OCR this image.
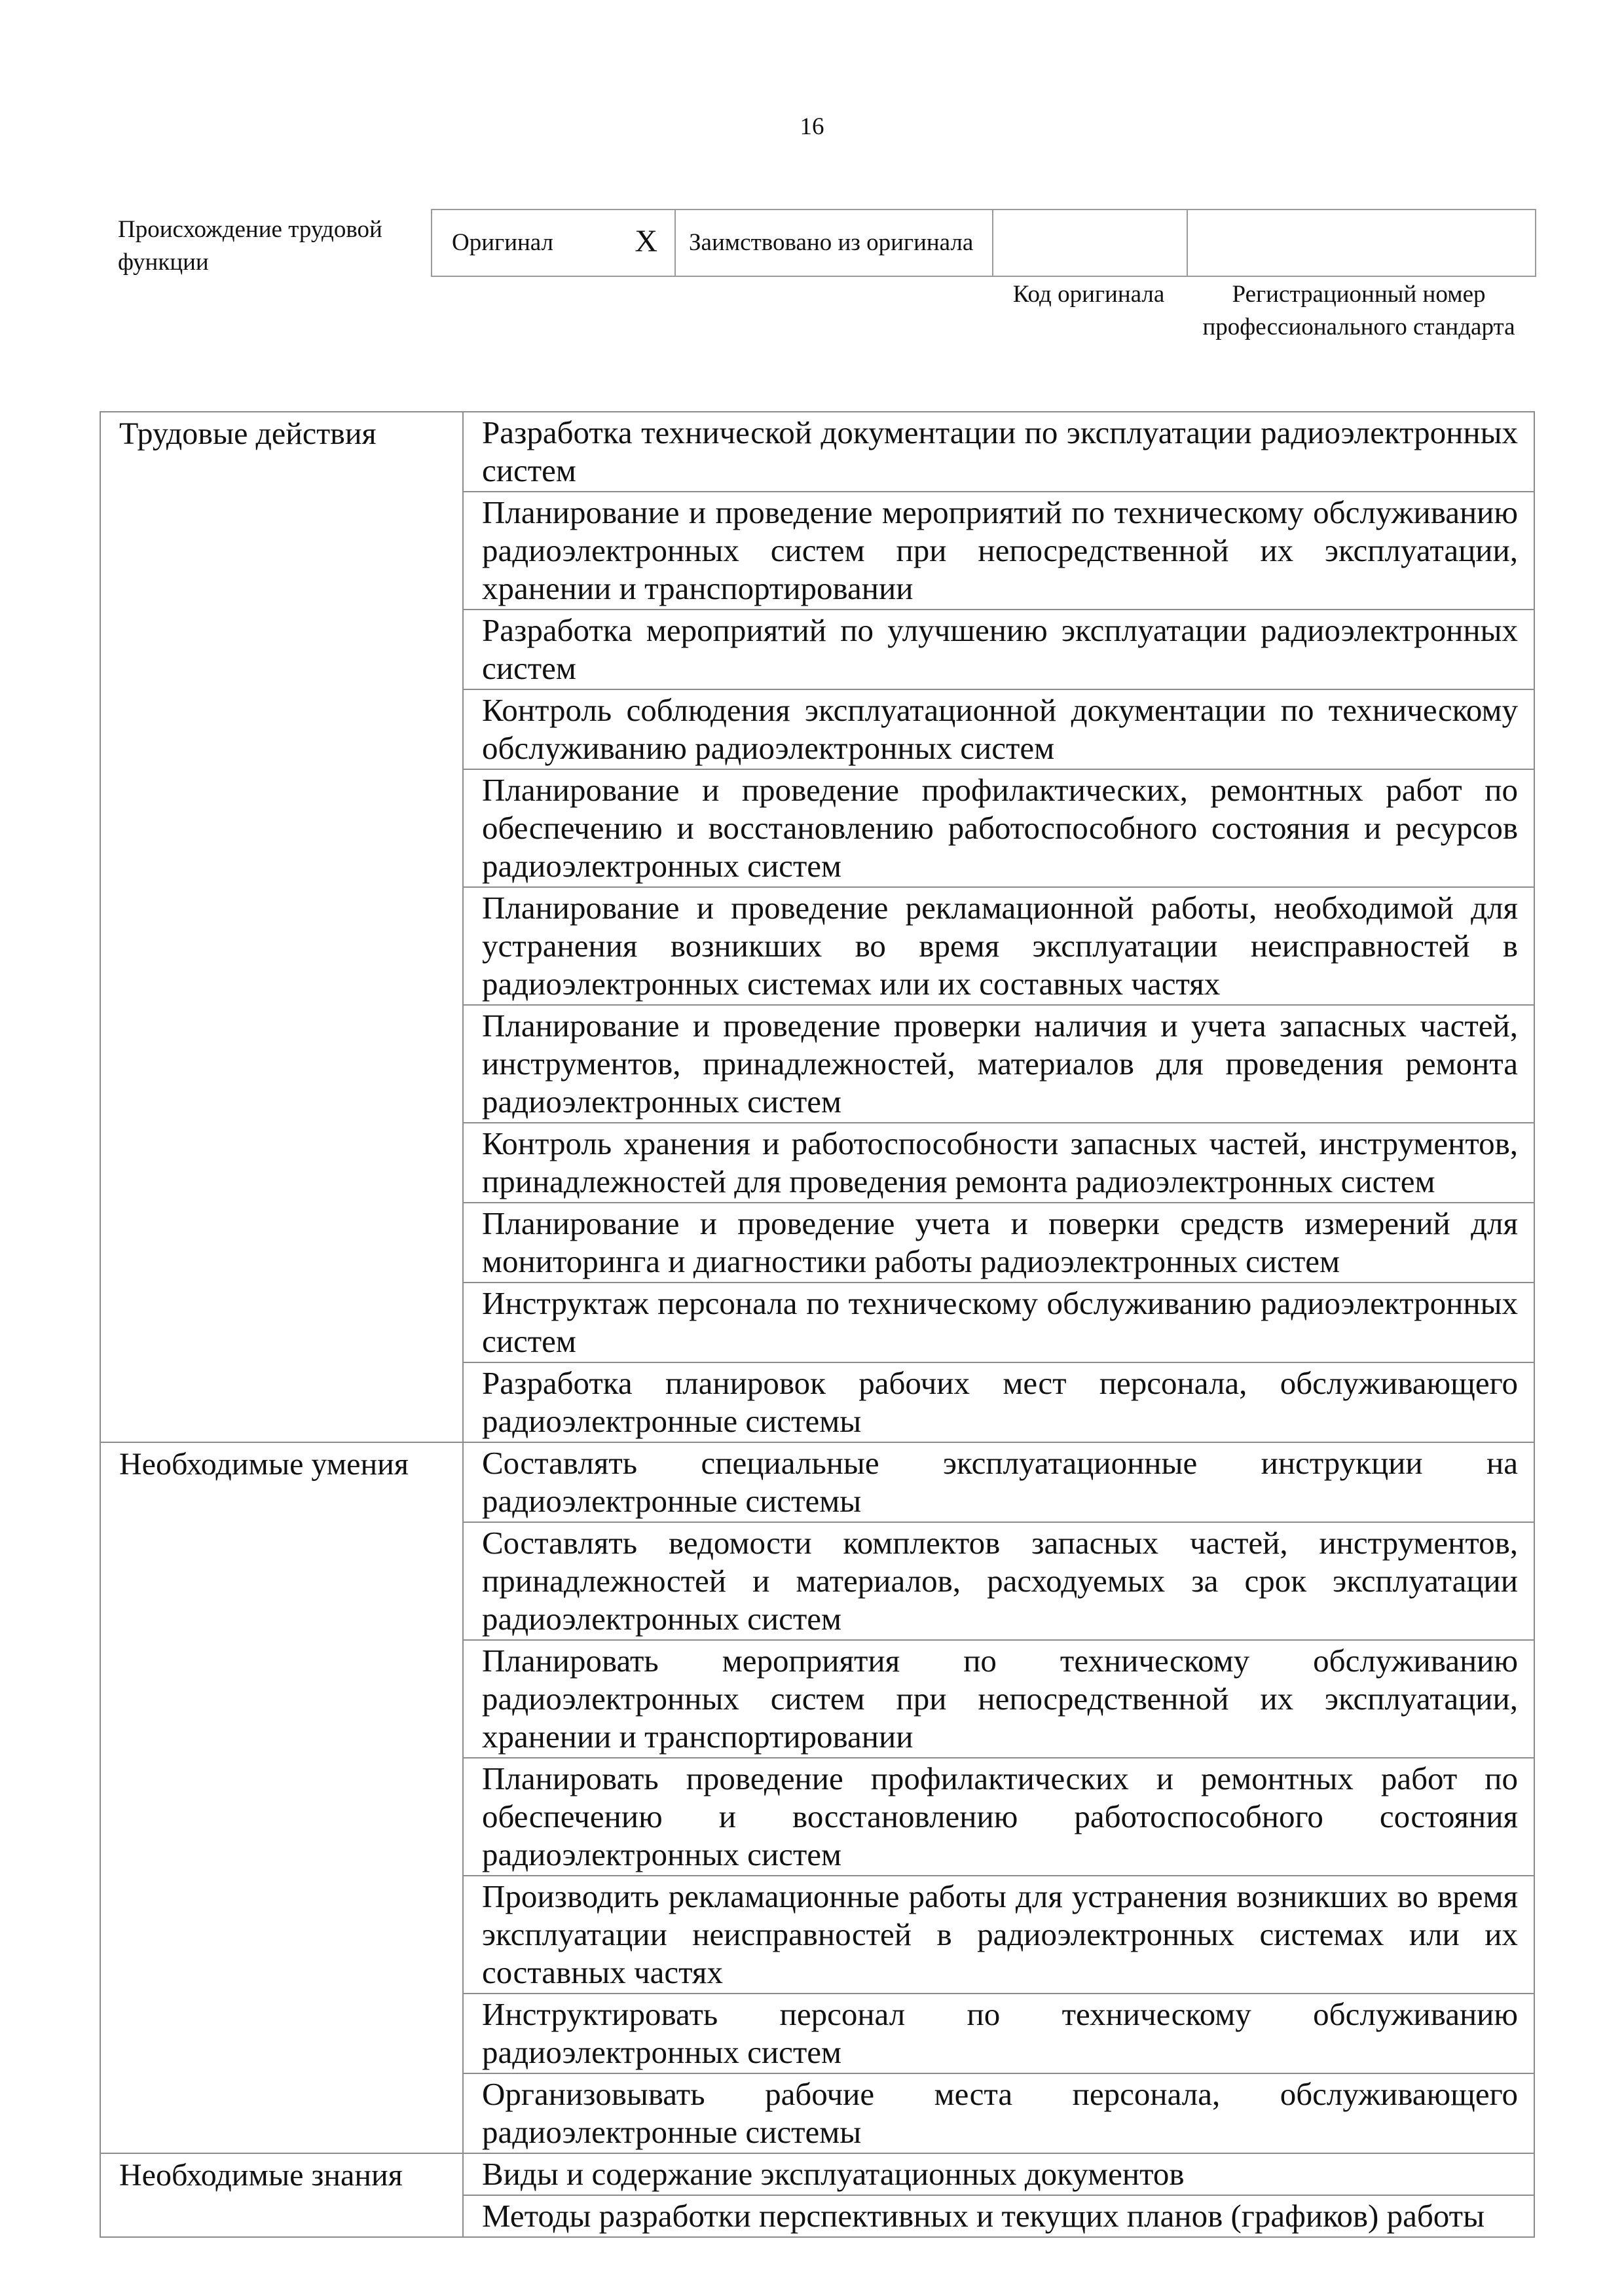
16
Происхождение трудовой функции
Оригинал	X	Заимствовано из оригинала		
Код оригинала	Регистрационный номер профессионального стандарта
Трудовые действия	Разработка технической документации по эксплуатации радиоэлектронных систем
	Планирование и проведение мероприятий по техническому обслуживанию радиоэлектронных систем при непосредственной их эксплуатации, хранении и транспортировании
	Разработка мероприятий по улучшению эксплуатации радиоэлектронных систем
	Контроль соблюдения эксплуатационной документации по техническому обслуживанию радиоэлектронных систем
	Планирование и проведение профилактических, ремонтных работ по обеспечению и восстановлению работоспособного состояния и ресурсов радиоэлектронных систем
	Планирование и проведение рекламационной работы, необходимой для устранения возникших во время эксплуатации неисправностей в радиоэлектронных системах или их составных частях
	Планирование и проведение проверки наличия и учета запасных частей, инструментов, принадлежностей, материалов для проведения ремонта радиоэлектронных систем
	Контроль хранения и работоспособности запасных частей, инструментов, принадлежностей для проведения ремонта радиоэлектронных систем
	Планирование и проведение учета и поверки средств измерений для мониторинга и диагностики работы радиоэлектронных систем
	Инструктаж персонала по техническому обслуживанию радиоэлектронных систем
	Разработка планировок рабочих мест персонала, обслуживающего радиоэлектронные системы
Необходимые умения	Составлять специальные эксплуатационные инструкции на радиоэлектронные системы
	Составлять ведомости комплектов запасных частей, инструментов, принадлежностей и материалов, расходуемых за срок эксплуатации радиоэлектронных систем
	Планировать мероприятия по техническому обслуживанию радиоэлектронных систем при непосредственной их эксплуатации, хранении и транспортировании
	Планировать проведение профилактических и ремонтных работ по обеспечению и восстановлению работоспособного состояния радиоэлектронных систем
	Производить рекламационные работы для устранения возникших во время эксплуатации неисправностей в радиоэлектронных системах или их составных частях
	Инструктировать персонал по техническому обслуживанию радиоэлектронных систем
	Организовывать рабочие места персонала, обслуживающего радиоэлектронные системы
Необходимые знания	Виды и содержание эксплуатационных документов
	Методы разработки перспективных и текущих планов (графиков) работы
